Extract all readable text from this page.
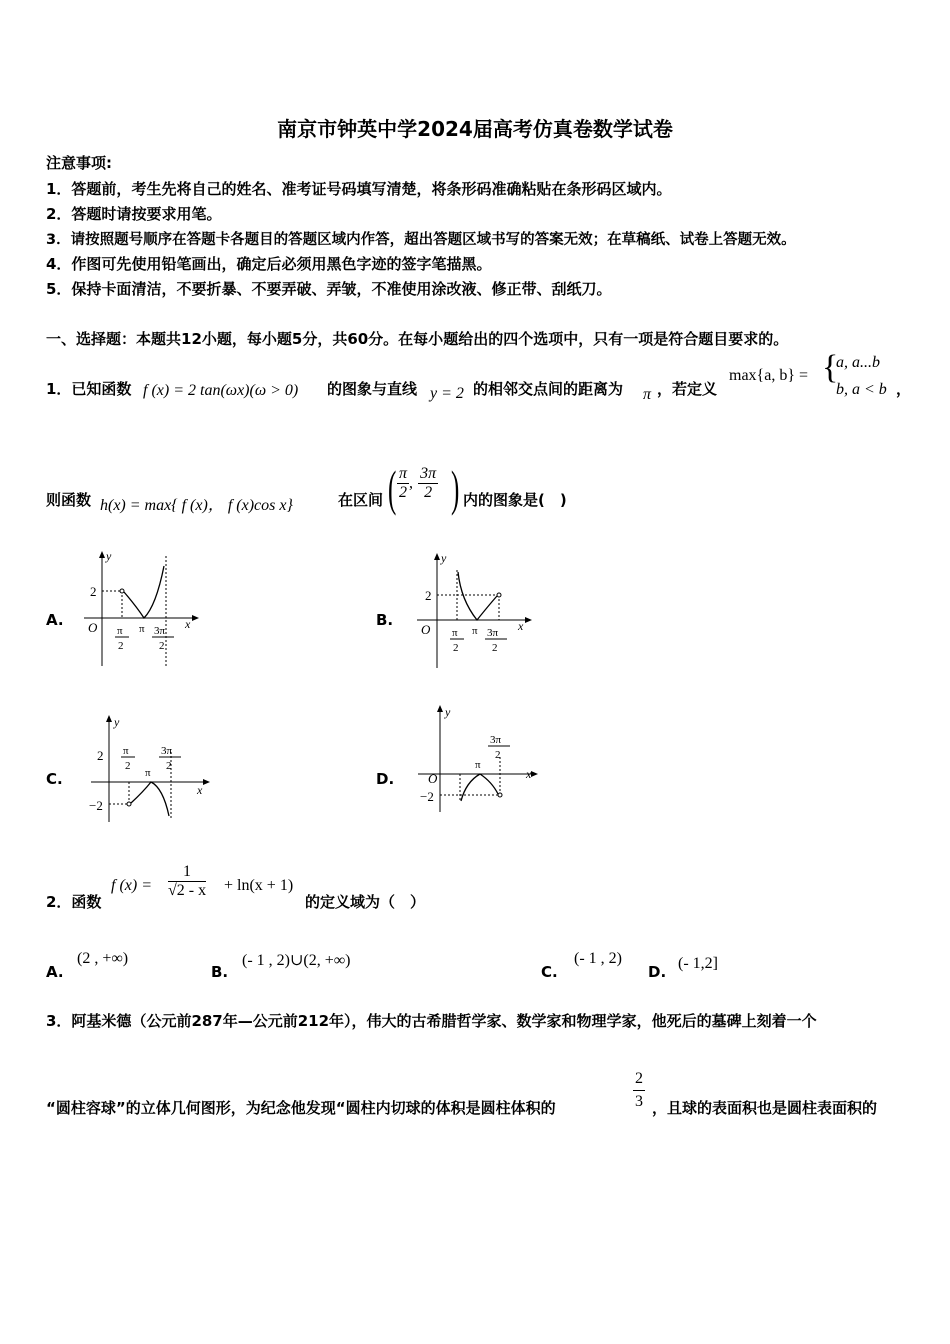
南京市钟英中学2024届高考仿真卷数学试卷
注意事项:
1．答题前，考生先将自己的姓名、准考证号码填写清楚，将条形码准确粘贴在条形码区域内。
2．答题时请按要求用笔。
3．请按照题号顺序在答题卡各题目的答题区域内作答，超出答题区域书写的答案无效；在草稿纸、试卷上答题无效。
4．作图可先使用铅笔画出，确定后必须用黑色字迹的签字笔描黑。
5．保持卡面清洁，不要折暴、不要弄破、弄皱，不准使用涂改液、修正带、刮纸刀。
一、选择题：本题共12小题，每小题5分，共60分。在每小题给出的四个选项中，只有一项是符合题目要求的。
1．已知函数 f (x) = 2 tan(ωx)(ω > 0) 的图象与直线 y = 2 的相邻交点间的距离为 π ，若定义
max{a, b} = {
a, a...b
b, a < b ，
则函数 h(x) = max{ f (x)， f (x)cos x}	在区间 ( $\frac{\pi}{2}$ , $\frac{3\pi}{2}$ ) 内的图象是(　)
A.
y
x
O
2
π
2
π 3π
2
B.
y
x
O
2
π
2
π 3π
2
C.
y
x
2
−2
π
2
π
3π
2
D.
y
x
O
−2
π
3π
2
2．函数
f $(x) = \frac{1}{√2 - x} + \ln(x + 1)$
的定义域为（　）
A.
(2 , +∞)
B.
(- 1 , 2)∪(2, +∞)
C.
(- 1 , 2)
D. (- 1,2]
3．阿基米德（公元前287年—公元前212年），伟大的古希腊哲学家、数学家和物理学家，他死后的墓碑上刻着一个
“圆柱容球”的立体几何图形，为纪念他发现“圆柱内切球的体积是圆柱体积的	$\frac{2}{3}$ ，且球的表面积也是圆柱表面积的
